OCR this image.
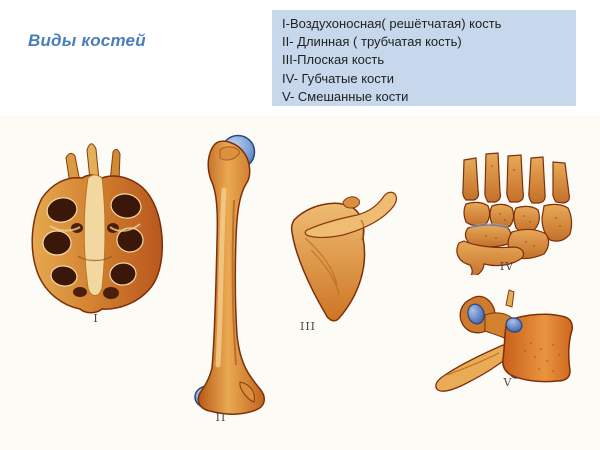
Виды костей
I-Воздухоносная( решётчатая) кость
II- Длинная ( трубчатая кость)
III-Плоская кость
IV- Губчатые кости
V- Смешанные кости
I
II
III
IV
V
